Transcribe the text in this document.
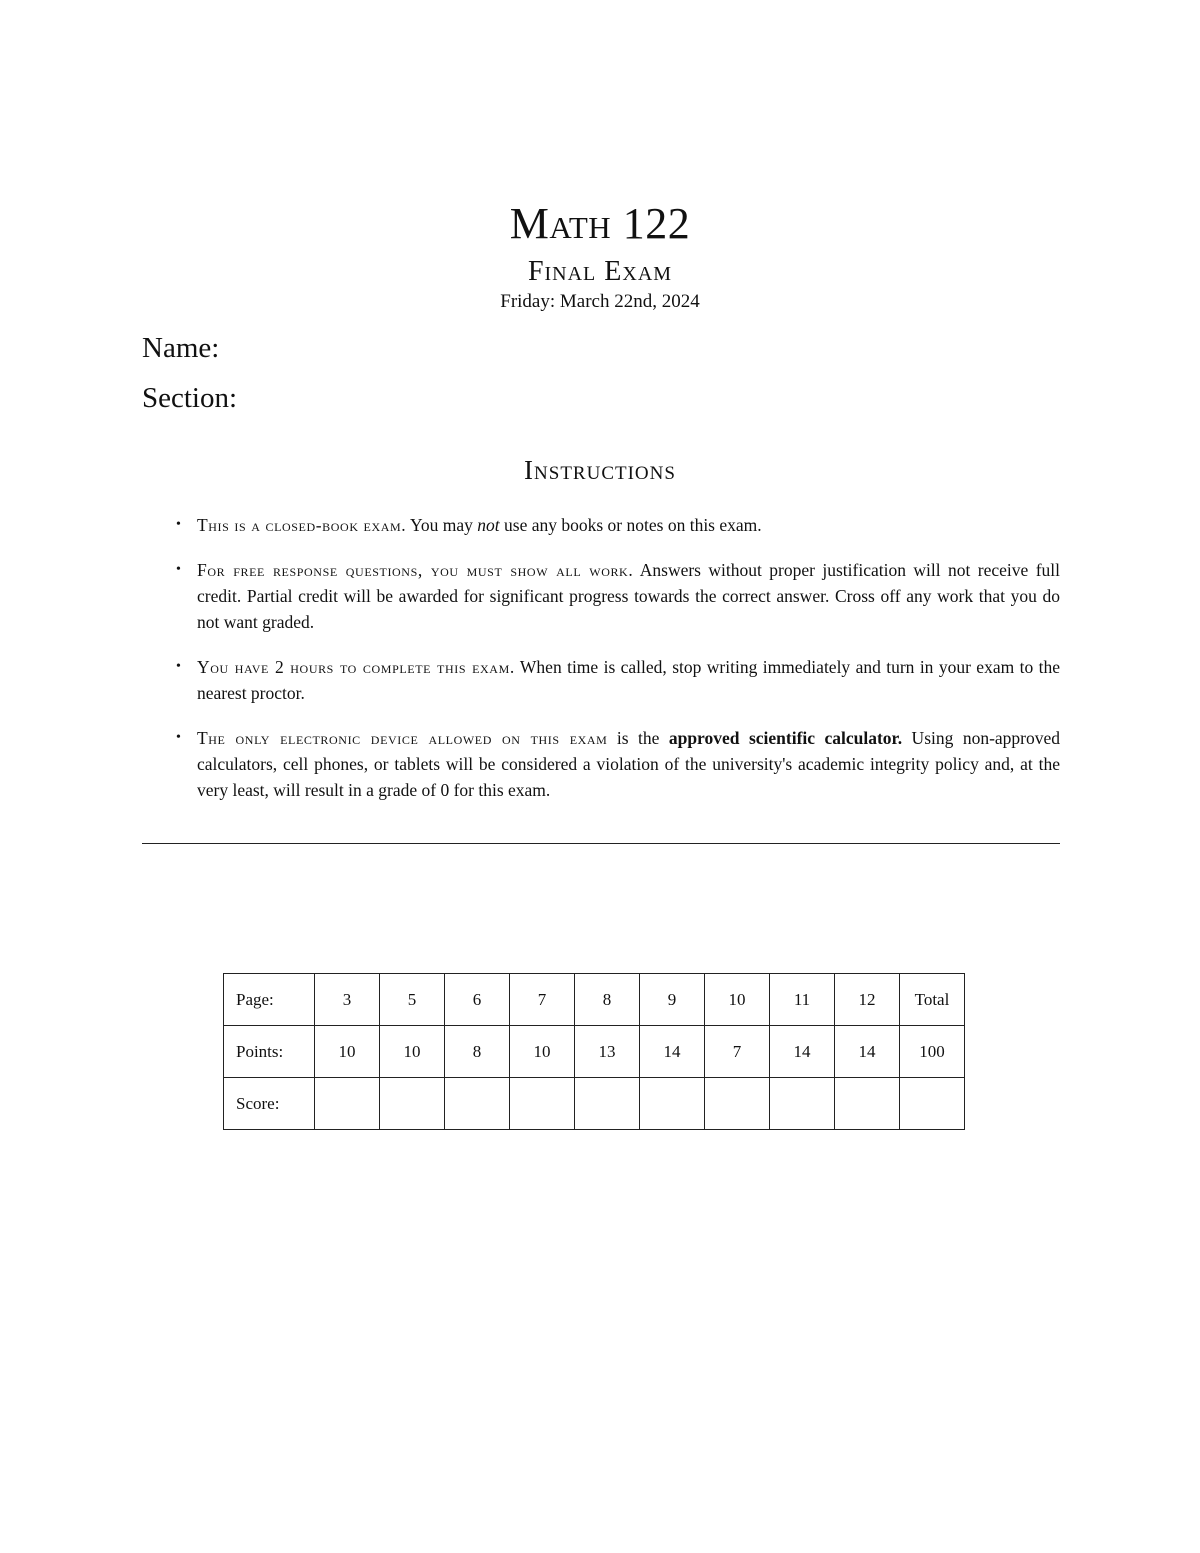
Math 122
Final Exam
Friday: March 22nd, 2024
Name:
Section:
Instructions
• This is a closed-book exam. You may not use any books or notes on this exam.
• For free response questions, you must show all work. Answers without proper justification will not receive full credit. Partial credit will be awarded for significant progress towards the correct answer. Cross off any work that you do not want graded.
• You have 2 hours to complete this exam. When time is called, stop writing immediately and turn in your exam to the nearest proctor.
• The only electronic device allowed on this exam is the approved scientific calculator. Using non-approved calculators, cell phones, or tablets will be considered a violation of the university's academic integrity policy and, at the very least, will result in a grade of 0 for this exam.
Page:	3	5	6	7	8	9	10	11	12	Total
Points:	10	10	8	10	13	14	7	14	14	100
Score:										
